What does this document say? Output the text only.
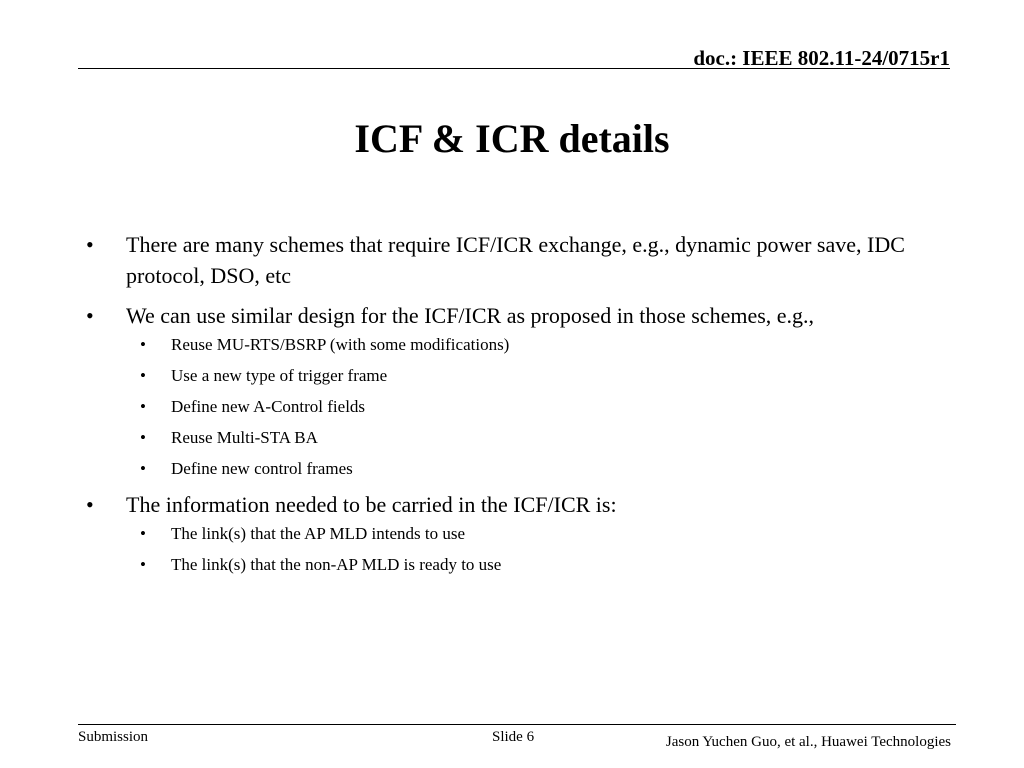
doc.: IEEE 802.11-24/0715r1
ICF & ICR details
• There are many schemes that require ICF/ICR exchange, e.g., dynamic power save, IDC protocol, DSO, etc
• We can use similar design for the ICF/ICR as proposed in those schemes, e.g.,
• Reuse MU-RTS/BSRP (with some modifications)
• Use a new type of trigger frame
• Define new A-Control fields
• Reuse Multi-STA BA
• Define new control frames
• The information needed to be carried in the ICF/ICR is:
• The link(s) that the AP MLD intends to use
• The link(s) that the non-AP MLD is ready to use
Submission	Slide 6	Jason Yuchen Guo, et al., Huawei Technologies
